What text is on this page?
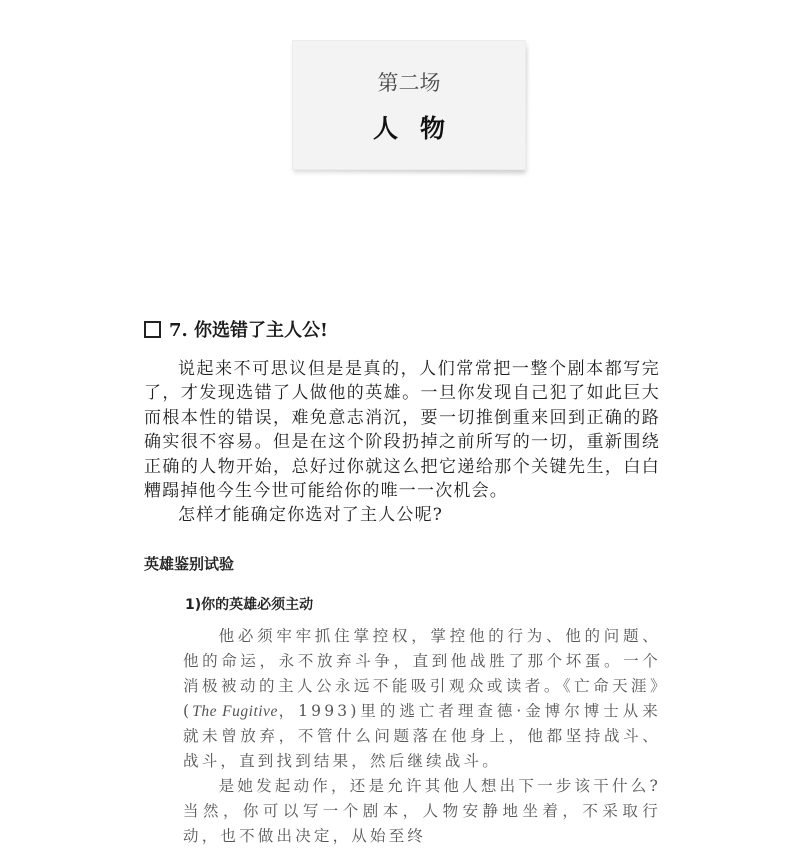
第二场
人物
7. 你选错了主人公!

说起来不可思议但是是真的，人们常常把一整个剧本都写完了，才发现选错了人做他的英雄。一旦你发现自己犯了如此巨大而根本性的错误，难免意志消沉，要一切推倒重来回到正确的路确实很不容易。但是在这个阶段扔掉之前所写的一切，重新围绕正确的人物开始，总好过你就这么把它递给那个关键先生，白白糟蹋掉他今生今世可能给你的唯一一次机会。

怎样才能确定你选对了主人公呢?

英雄鉴别试验
1)你的英雄必须主动

他必须牢牢抓住掌控权，掌控他的行为、他的问题、他的命运，永不放弃斗争，直到他战胜了那个坏蛋。一个消极被动的主人公永远不能吸引观众或读者。《亡命天涯》(The Fugitive，1993)里的逃亡者理查德·金博尔博士从来就未曾放弃，不管什么问题落在他身上，他都坚持战斗、战斗，直到找到结果，然后继续战斗。

是她发起动作，还是允许其他人想出下一步该干什么? 当然，你可以写一个剧本，人物安静地坐着，不采取行动，也不做出决定，从始至终
